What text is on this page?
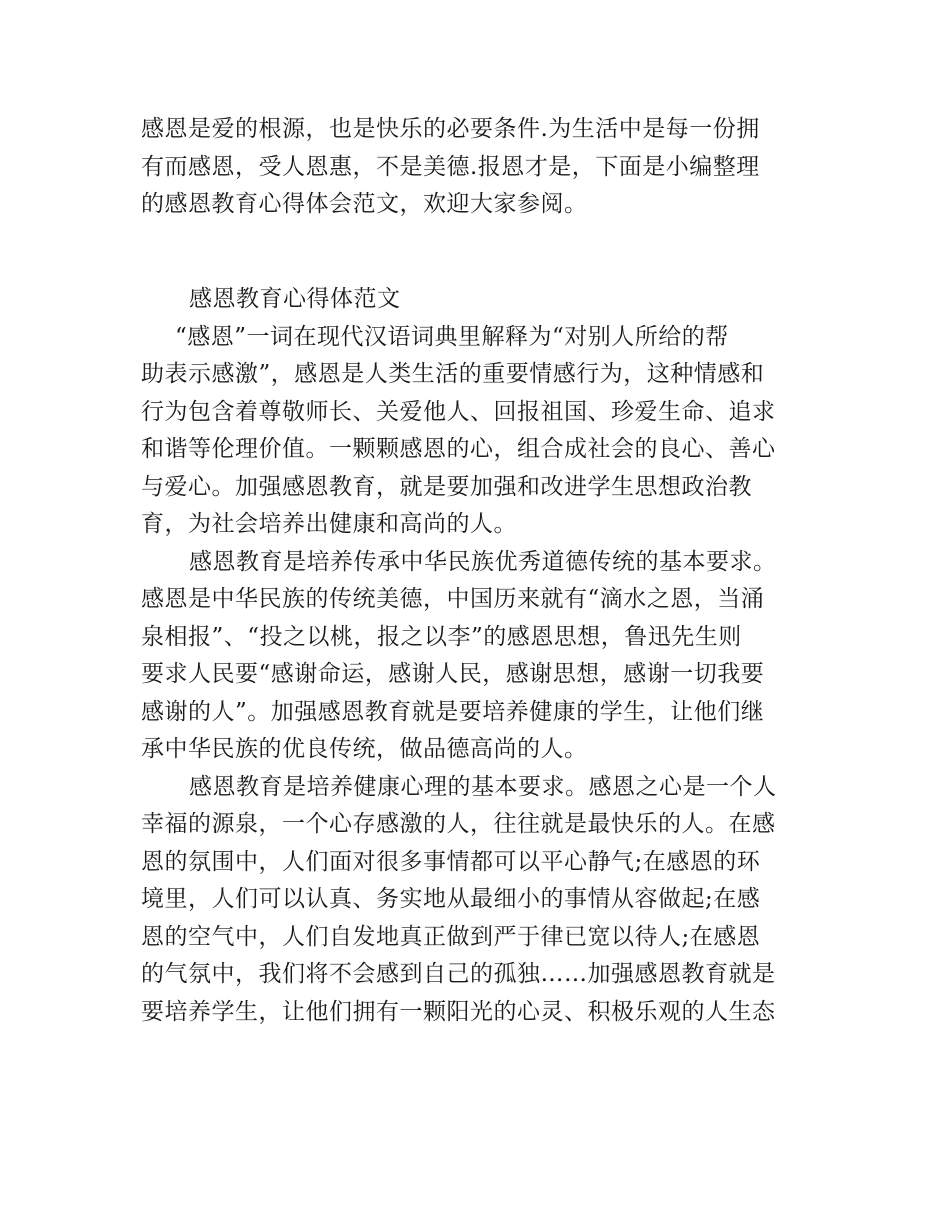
感恩是爱的根源，也是快乐的必要条件.为生活中是每一份拥
有而感恩，受人恩惠，不是美德.报恩才是，下面是小编整理
的感恩教育心得体会范文，欢迎大家参阅。
感恩教育心得体范文
“感恩”一词在现代汉语词典里解释为“对别人所给的帮
助表示感激”，感恩是人类生活的重要情感行为，这种情感和
行为包含着尊敬师长、关爱他人、回报祖国、珍爱生命、追求
和谐等伦理价值。一颗颗感恩的心，组合成社会的良心、善心
与爱心。加强感恩教育，就是要加强和改进学生思想政治教
育，为社会培养出健康和高尚的人。
感恩教育是培养传承中华民族优秀道德传统的基本要求。
感恩是中华民族的传统美德，中国历来就有“滴水之恩，当涌
泉相报”、“投之以桃，报之以李”的感恩思想，鲁迅先生则
要求人民要“感谢命运，感谢人民，感谢思想，感谢一切我要
感谢的人”。加强感恩教育就是要培养健康的学生，让他们继
承中华民族的优良传统，做品德高尚的人。
感恩教育是培养健康心理的基本要求。感恩之心是一个人
幸福的源泉，一个心存感激的人，往往就是最快乐的人。在感
恩的氛围中，人们面对很多事情都可以平心静气;在感恩的环
境里，人们可以认真、务实地从最细小的事情从容做起;在感
恩的空气中，人们自发地真正做到严于律已宽以待人;在感恩
的气氛中，我们将不会感到自己的孤独……加强感恩教育就是
要培养学生，让他们拥有一颗阳光的心灵、积极乐观的人生态
